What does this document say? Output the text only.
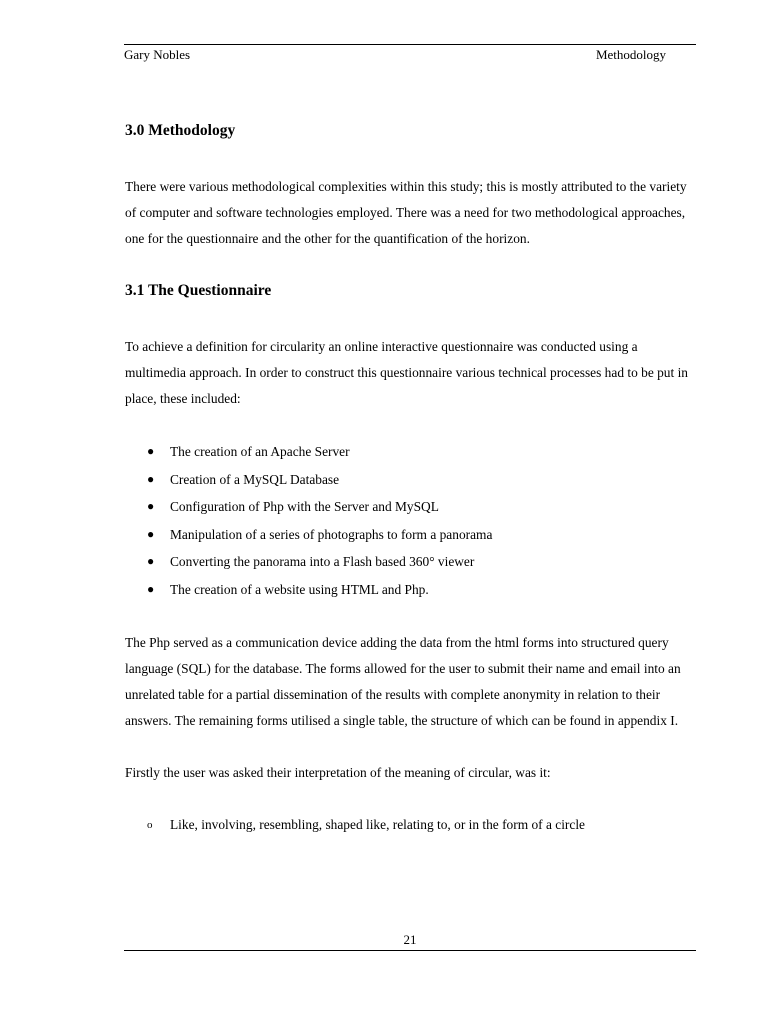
Gary Nobles	Methodology
3.0 Methodology

There were various methodological complexities within this study; this is mostly attributed to the variety of computer and software technologies employed. There was a need for two methodological approaches, one for the questionnaire and the other for the quantification of the horizon.

3.1 The Questionnaire

To achieve a definition for circularity an online interactive questionnaire was conducted using a multimedia approach. In order to construct this questionnaire various technical processes had to be put in place, these included:

● The creation of an Apache Server
● Creation of a MySQL Database
● Configuration of Php with the Server and MySQL
● Manipulation of a series of photographs to form a panorama
● Converting the panorama into a Flash based 360° viewer
● The creation of a website using HTML and Php.

The Php served as a communication device adding the data from the html forms into structured query language (SQL) for the database. The forms allowed for the user to submit their name and email into an unrelated table for a partial dissemination of the results with complete anonymity in relation to their answers. The remaining forms utilised a single table, the structure of which can be found in appendix I.

Firstly the user was asked their interpretation of the meaning of circular, was it:

o Like, involving, resembling, shaped like, relating to, or in the form of a circle
21
